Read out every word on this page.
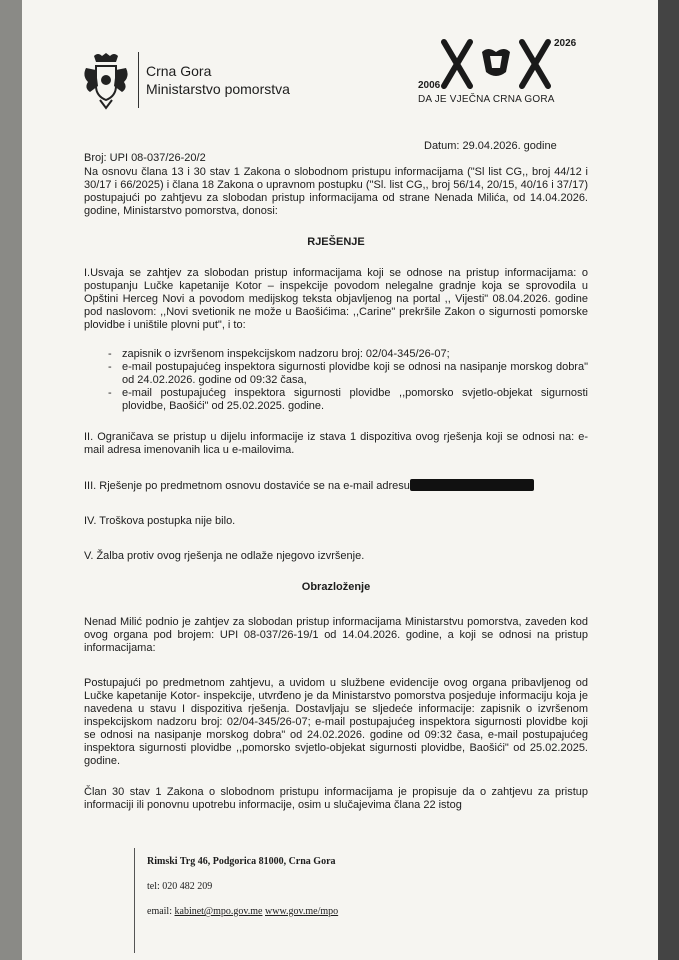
Crna Gora
Ministarstvo pomorstva
2026
2006
DA JE VJEČNA CRNA GORA
Datum: 29.04.2026. godine
Broj: UPI 08-037/26-20/2

Na osnovu člana 13 i 30 stav 1 Zakona o slobodnom pristupu informacijama ("Sl list CG,, broj 44/12 i 30/17 i 66/2025) i člana 18 Zakona o upravnom postupku ("Sl. list CG,, broj 56/14, 20/15, 40/16 i 37/17) postupajući po zahtjevu za slobodan pristup informacijama od strane Nenada Milića, od 14.04.2026. godine, Ministarstvo pomorstva, donosi:

RJEŠENJE

I.Usvaja se zahtjev za slobodan pristup informacijama koji se odnose na pristup informacijama: o postupanju Lučke kapetanije Kotor – inspekcije povodom nelegalne gradnje koja se sprovodila u Opštini Herceg Novi a povodom medijskog teksta objavljenog na portal ,, Vijesti" 08.04.2026. godine pod naslovom: ,,Novi svetionik ne može u Baošićima: ,,Carine" prekršile Zakon o sigurnosti pomorske plovidbe i uništile plovni put", i to:

- zapisnik o izvršenom inspekcijskom nadzoru broj: 02/04-345/26-07;
- e-mail postupajućeg inspektora sigurnosti plovidbe koji se odnosi na nasipanje morskog dobra" od 24.02.2026. godine od 09:32 časa,
- e-mail postupajućeg inspektora sigurnosti plovidbe ,,pomorsko svjetlo-objekat sigurnosti plovidbe, Baošići" od 25.02.2025. godine.

II. Ograničava se pristup u dijelu informacije iz stava 1 dispozitiva ovog rješenja koji se odnosi na: e-mail adresa imenovanih lica u e-mailovima.

III. Rješenje po predmetnom osnovu dostaviće se na e-mail adresu

IV. Troškova postupka nije bilo.

V. Žalba protiv ovog rješenja ne odlaže njegovo izvršenje.

Obrazloženje

Nenad Milić podnio je zahtjev za slobodan pristup informacijama Ministarstvu pomorstva, zaveden kod ovog organa pod brojem: UPI 08-037/26-19/1 od 14.04.2026. godine, a koji se odnosi na pristup informacijama:

Postupajući po predmetnom zahtjevu, a uvidom u službene evidencije ovog organa pribavljenog od Lučke kapetanije Kotor- inspekcije, utvrđeno je da Ministarstvo pomorstva posjeduje informaciju koja je navedena u stavu I dispozitiva rješenja. Dostavljaju se sljedeće informacije: zapisnik o izvršenom inspekcijskom nadzoru broj: 02/04-345/26-07; e-mail postupajućeg inspektora sigurnosti plovidbe koji se odnosi na nasipanje morskog dobra" od 24.02.2026. godine od 09:32 časa, e-mail postupajućeg inspektora sigurnosti plovidbe ,,pomorsko svjetlo-objekat sigurnosti plovidbe, Baošići" od 25.02.2025. godine.

Član 30 stav 1 Zakona o slobodnom pristupu informacijama je propisuje da o zahtjevu za pristup informaciji ili ponovnu upotrebu informacije, osim u slučajevima člana 22 istog

Rimski Trg 46, Podgorica 81000, Crna Gora
tel: 020 482 209
email: kabinet@mpo.gov.me www.gov.me/mpo
